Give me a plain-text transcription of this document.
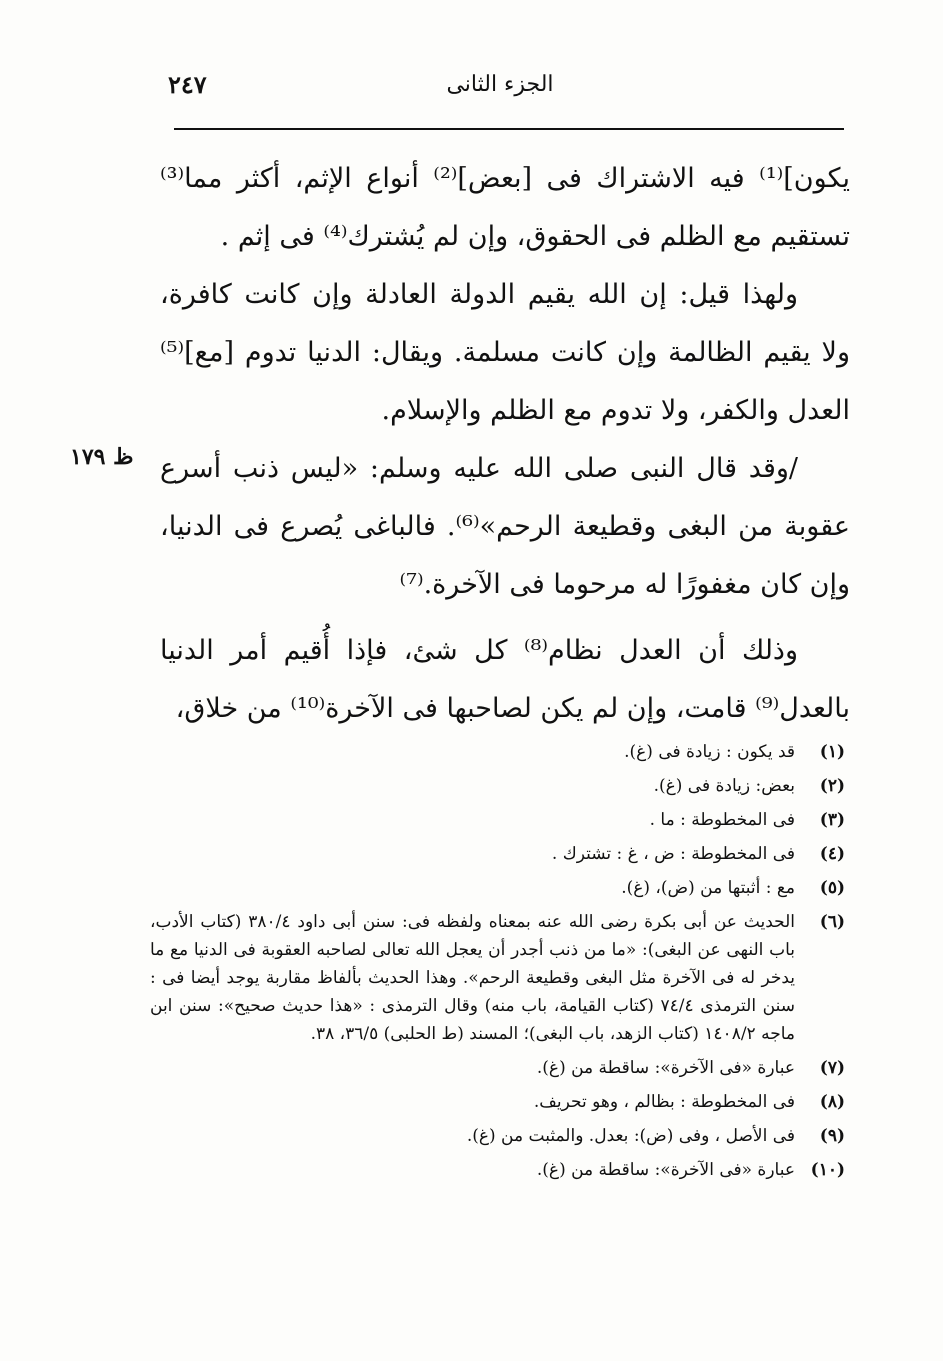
٢٤٧	الجزء الثانى
ظ ١٧٩

يكون]⁽¹⁾ فيه الاشتراك فى [بعض]⁽²⁾ أنواع الإثم، أكثر مما⁽³⁾ تستقيم مع الظلم فى الحقوق، وإن لم يُشترك⁽⁴⁾ فى إثم .

ولهذا قيل: إن الله يقيم الدولة العادلة وإن كانت كافرة، ولا يقيم الظالمة وإن كانت مسلمة. ويقال: الدنيا تدوم [مع]⁽⁵⁾ العدل والكفر، ولا تدوم مع الظلم والإسلام.

/وقد قال النبى صلى الله عليه وسلم: «ليس ذنب أسرع عقوبة من البغى وقطيعة الرحم»⁽⁶⁾. فالباغى يُصرع فى الدنيا، وإن كان مغفورًا له مرحوما فى الآخرة.⁽⁷⁾

وذلك أن العدل نظام⁽⁸⁾ كل شئ، فإذا أُقيم أمر الدنيا بالعدل⁽⁹⁾ قامت، وإن لم يكن لصاحبها فى الآخرة⁽¹⁰⁾ من خلاق،

(١)
قد يكون : زيادة فى (غ).
(٢)
بعض: زيادة فى (غ).
(٣)
فى المخطوطة : ما .
(٤)
فى المخطوطة : ض ، غ : تشترك .
(٥)
مع : أثبتها من (ض)، (غ).
(٦)
الحديث عن أبى بكرة رضى الله عنه بمعناه ولفظه فى: سنن أبى داود ٣٨٠/٤ (كتاب الأدب، باب النهى عن البغى): «ما من ذنب أجدر أن يعجل الله تعالى لصاحبه العقوبة فى الدنيا مع ما يدخر له فى الآخرة مثل البغى وقطيعة الرحم». وهذا الحديث بألفاظ مقاربة يوجد أيضا فى : سنن الترمذى ٧٤/٤ (كتاب القيامة، باب منه) وقال الترمذى : «هذا حديث صحيح»: سنن ابن ماجه ١٤٠٨/٢ (كتاب الزهد، باب البغى)؛ المسند (ط الحلبى) ٣٦/٥، ٣٨.
(٧)
عبارة «فى الآخرة»: ساقطة من (غ).
(٨)
فى المخطوطة : بظالم ، وهو تحريف.
(٩)
فى الأصل ، وفى (ض): بعدل. والمثبت من (غ).
(١٠)
عبارة «فى الآخرة»: ساقطة من (غ).
